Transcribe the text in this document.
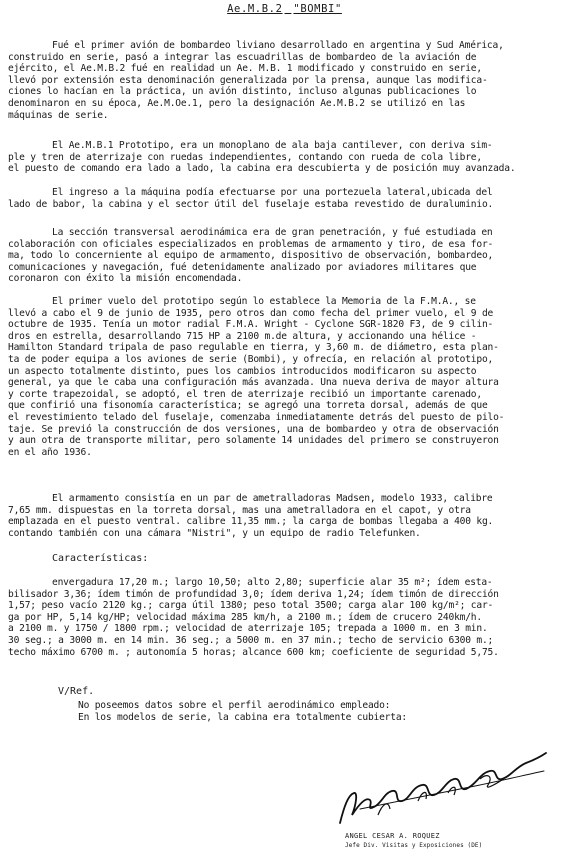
Ae.M.B.2 "BOMBI"
Fué el primer avión de bombardeo liviano desarrollado en argentina y Sud América,
construido en serie, pasó a integrar las escuadrillas de bombardeo de la aviación de
ejército, el Ae.M.B.2 fué en realidad un Ae. M.B. 1 modificado y construido en serie,
llevó por extensión esta denominación generalizada por la prensa, aunque las modifica-
ciones lo hacían en la práctica, un avión distinto, incluso algunas publicaciones lo
denominaron en su época, Ae.M.Oe.1, pero la designación Ae.M.B.2 se utilizó en las
máquinas de serie.
El Ae.M.B.1 Prototipo, era un monoplano de ala baja cantilever, con deriva sim-
ple y tren de aterrizaje con ruedas independientes, contando con rueda de cola libre,
el puesto de comando era lado a lado, la cabina era descubierta y de posición muy avanzada.
El ingreso a la máquina podía efectuarse por una portezuela lateral,ubicada del
lado de babor, la cabina y el sector útil del fuselaje estaba revestido de duraluminio.
La sección transversal aerodinámica era de gran penetración, y fué estudiada en
colaboración con oficiales especializados en problemas de armamento y tiro, de esa for-
ma, todo lo concerniente al equipo de armamento, dispositivo de observación, bombardeo,
comunicaciones y navegación, fué detenidamente analizado por aviadores militares que
coronaron con éxito la misión encomendada.
El primer vuelo del prototipo según lo establece la Memoria de la F.M.A., se
llevó a cabo el 9 de junio de 1935, pero otros dan como fecha del primer vuelo, el 9 de
octubre de 1935. Tenía un motor radial F.M.A. Wright - Cyclone SGR-1820 F3, de 9 cilin-
dros en estrella, desarrollando 715 HP a 2100 m.de altura, y accionando una hélice -
Hamilton Standard tripala de paso regulable en tierra, y 3,60 m. de diámetro, esta plan-
ta de poder equipa a los aviones de serie (Bombi), y ofrecía, en relación al prototipo,
un aspecto totalmente distinto, pues los cambios introducidos modificaron su aspecto
general, ya que le caba una configuración más avanzada. Una nueva deriva de mayor altura
y corte trapezoidal, se adoptó, el tren de aterrizaje recibió un importante carenado,
que confirió una fisonomía característica; se agregó una torreta dorsal, además de que
el revestimiento telado del fuselaje, comenzaba inmediatamente detrás del puesto de pilo-
taje. Se previó la construcción de dos versiones, una de bombardeo y otra de observación
y aun otra de transporte militar, pero solamente 14 unidades del primero se construyeron
en el año 1936.
El armamento consistía en un par de ametralladoras Madsen, modelo 1933, calibre
7,65 mm. dispuestas en la torreta dorsal, mas una ametralladora en el capot, y otra
emplazada en el puesto ventral. calibre 11,35 mm.; la carga de bombas llegaba a 400 kg.
contando también con una cámara "Nistri", y un equipo de radio Telefunken.
Características:
envergadura 17,20 m.; largo 10,50; alto 2,80; superficie alar 35 m²; ídem esta-
bilisador 3,36; ídem timón de profundidad 3,0; ídem deriva 1,24; ídem timón de dirección
1,57; peso vacío 2120 kg.; carga útil 1380; peso total 3500; carga alar 100 kg/m²; car-
ga por HP, 5,14 kg/HP; velocidad máxima 285 km/h, a 2100 m.; ídem de crucero 240km/h.
a 2100 m. y 1750 / 1800 rpm.; velocidad de aterrizaje 105; trepada a 1000 m. en 3 min.
30 seg.; a 3000 m. en 14 min. 36 seg.; a 5000 m. en 37 min.; techo de servicio 6300 m.;
techo máximo 6700 m. ; autonomía 5 horas; alcance 600 km; coeficiente de seguridad 5,75.
V/Ref.
No poseemos datos sobre el perfil aerodinámico empleado:
En los modelos de serie, la cabina era totalmente cubierta:
ANGEL CESAR A. ROQUEZ
Jefe Div. Visitas y Exposiciones (DE)
